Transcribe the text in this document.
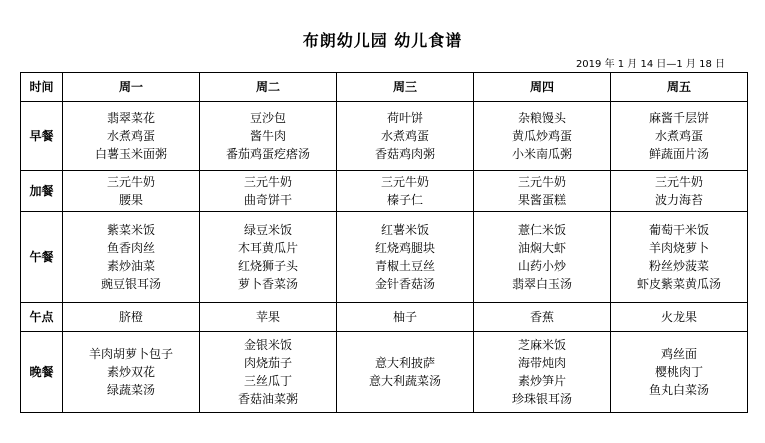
布朗幼儿园 幼儿食谱
2019 年 1 月 14 日—1 月 18 日
时间	周一	周二	周三	周四	周五
早餐	翡翠菜花
水煮鸡蛋
白薯玉米面粥	豆沙包
酱牛肉
番茄鸡蛋疙瘩汤	荷叶饼
水煮鸡蛋
香菇鸡肉粥	杂粮馒头
黄瓜炒鸡蛋
小米南瓜粥	麻酱千层饼
水煮鸡蛋
鲜蔬面片汤

加餐	三元牛奶
腰果	三元牛奶
曲奇饼干	三元牛奶
榛子仁	三元牛奶
果酱蛋糕	三元牛奶
波力海苔

午餐	紫菜米饭
鱼香肉丝
素炒油菜
豌豆银耳汤	绿豆米饭
木耳黄瓜片
红烧狮子头
萝卜香菜汤	红薯米饭
红烧鸡腿块
青椒土豆丝
金针香菇汤	薏仁米饭
油焖大虾
山药小炒
翡翠白玉汤	葡萄干米饭
羊肉烧萝卜
粉丝炒菠菜
虾皮紫菜黄瓜汤

午点	脐橙	苹果	柚子	香蕉	火龙果

晚餐	羊肉胡萝卜包子
素炒双花
绿蔬菜汤	金银米饭
肉烧茄子
三丝瓜丁
香菇油菜粥	意大利披萨
意大利蔬菜汤	芝麻米饭
海带炖肉
素炒笋片
珍珠银耳汤	鸡丝面
樱桃肉丁
鱼丸白菜汤
